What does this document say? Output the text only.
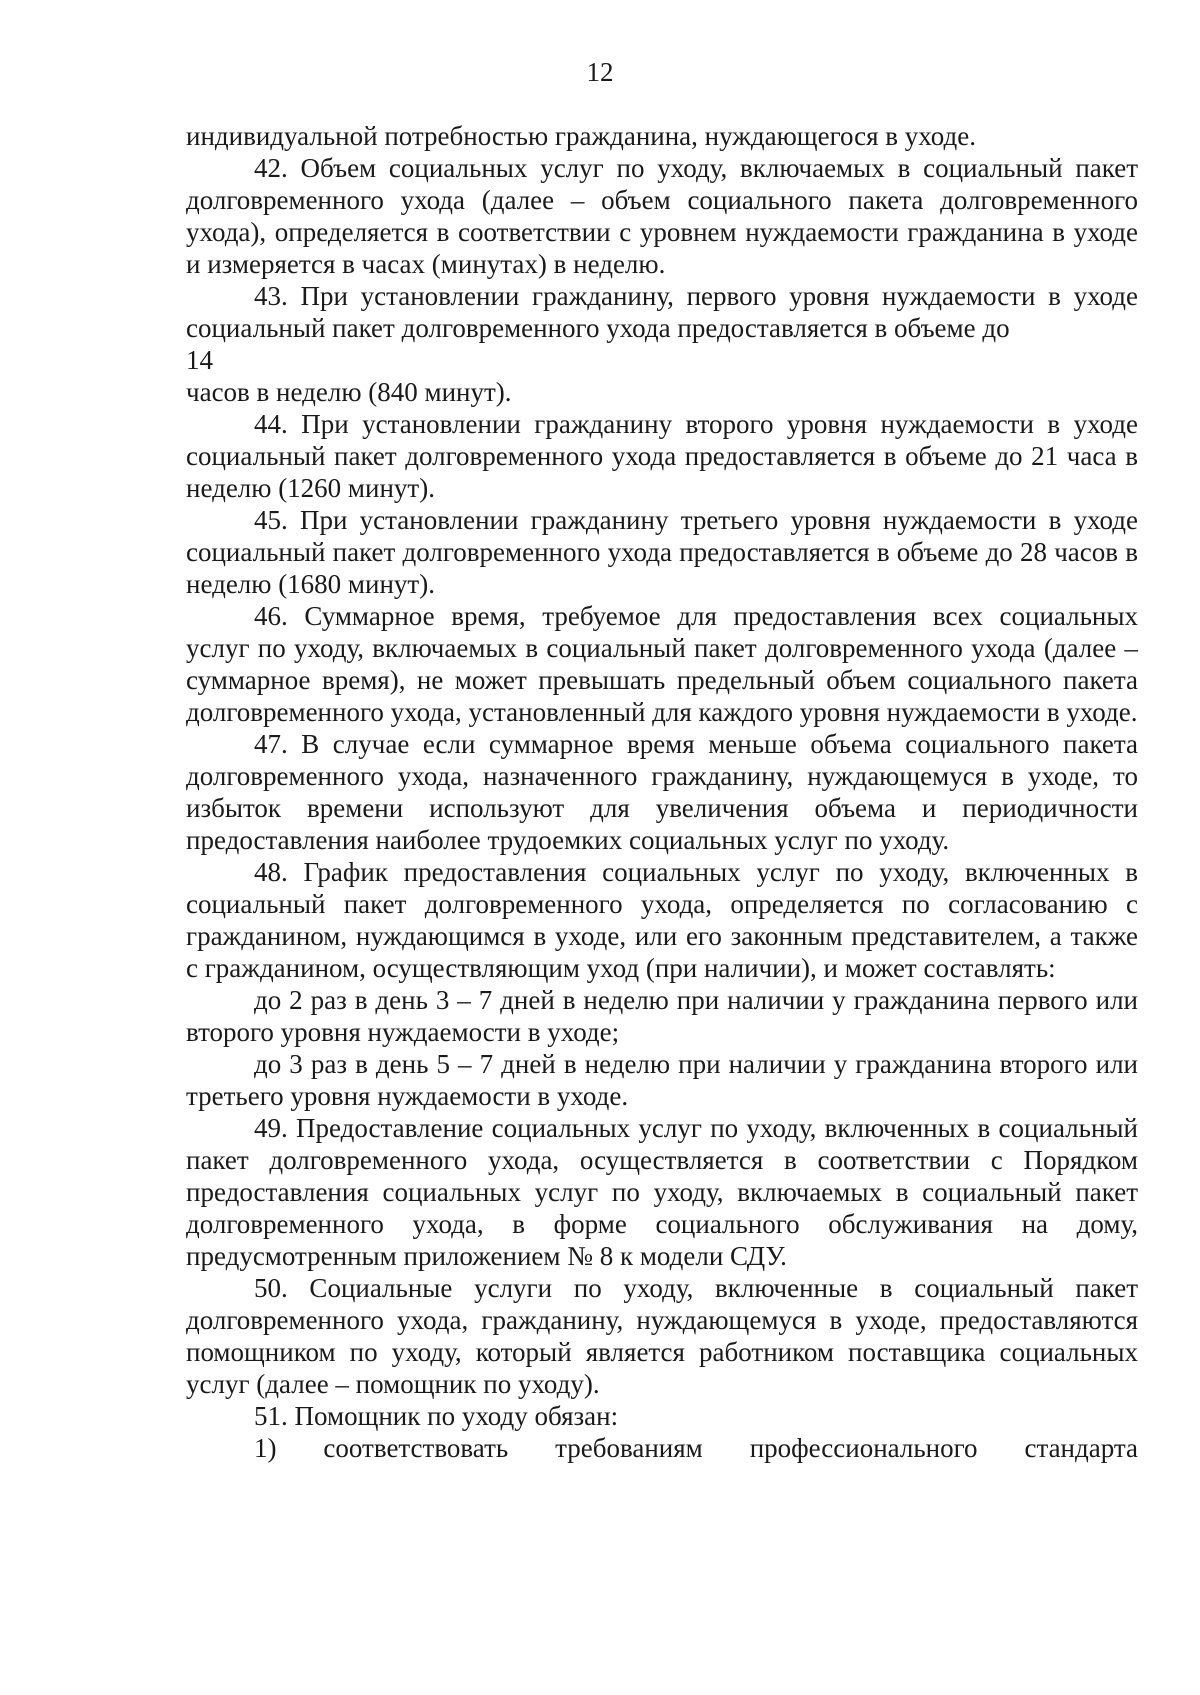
12

индивидуальной потребностью гражданина, нуждающегося в уходе.

42. Объем социальных услуг по уходу, включаемых в социальный пакет долговременного ухода (далее – объем социального пакета долговременного ухода), определяется в соответствии с уровнем нуждаемости гражданина в уходе и измеряется в часах (минутах) в неделю.

43. При установлении гражданину, первого уровня нуждаемости в уходе социальный пакет долговременного ухода предоставляется в объеме до

14

часов в неделю (840 минут).

44. При установлении гражданину второго уровня нуждаемости в уходе социальный пакет долговременного ухода предоставляется в объеме до 21 часа в неделю (1260 минут).

45. При установлении гражданину третьего уровня нуждаемости в уходе социальный пакет долговременного ухода предоставляется в объеме до 28 часов в неделю (1680 минут).

46. Суммарное время, требуемое для предоставления всех социальных услуг по уходу, включаемых в социальный пакет долговременного ухода (далее – суммарное время), не может превышать предельный объем социального пакета долговременного ухода, установленный для каждого уровня нуждаемости в уходе.

47. В случае если суммарное время меньше объема социального пакета долговременного ухода, назначенного гражданину, нуждающемуся в уходе, то избыток времени используют для увеличения объема и периодичности предоставления наиболее трудоемких социальных услуг по уходу.

48. График предоставления социальных услуг по уходу, включенных в социальный пакет долговременного ухода, определяется по согласованию с гражданином, нуждающимся в уходе, или его законным представителем, а также с гражданином, осуществляющим уход (при наличии), и может составлять:

до 2 раз в день 3 – 7 дней в неделю при наличии у гражданина первого или второго уровня нуждаемости в уходе;

до 3 раз в день 5 – 7 дней в неделю при наличии у гражданина второго или третьего уровня нуждаемости в уходе.

49. Предоставление социальных услуг по уходу, включенных в социальный пакет долговременного ухода, осуществляется в соответствии с Порядком предоставления социальных услуг по уходу, включаемых в социальный пакет долговременного ухода, в форме социального обслуживания на дому, предусмотренным приложением № 8 к модели СДУ.

50. Социальные услуги по уходу, включенные в социальный пакет долговременного ухода, гражданину, нуждающемуся в уходе, предоставляются помощником по уходу, который является работником поставщика социальных услуг (далее – помощник по уходу).

51. Помощник по уходу обязан:

1) соответствовать требованиям профессионального стандарта
